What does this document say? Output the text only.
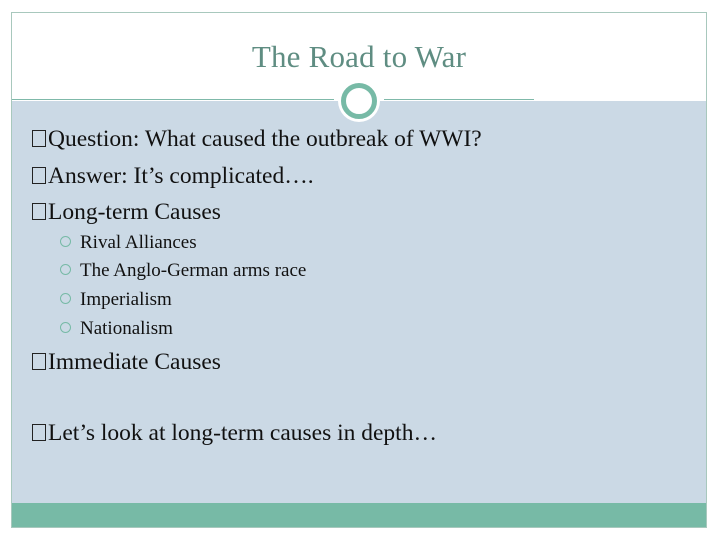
The Road to War
Question: What caused the outbreak of WWI?
Answer: It’s complicated….
Long-term Causes
Rival Alliances
The Anglo-German arms race
Imperialism
Nationalism
Immediate Causes
Let’s look at long-term causes in depth…
